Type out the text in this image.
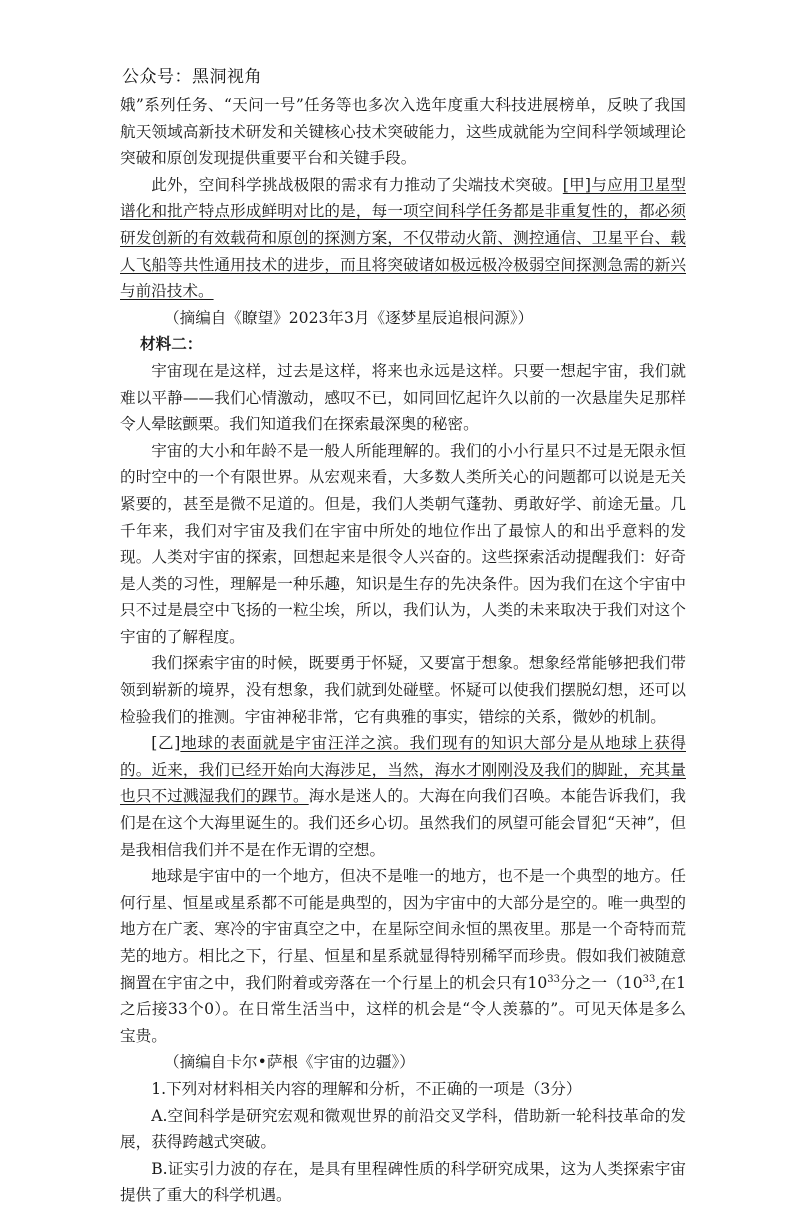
公众号：黑洞视角

娥”系列任务、“天问一号”任务等也多次入选年度重大科技进展榜单，反映了我国航天领域高新技术研发和关键核心技术突破能力，这些成就能为空间科学领域理论突破和原创发现提供重要平台和关键手段。

此外，空间科学挑战极限的需求有力推动了尖端技术突破。[甲]与应用卫星型谱化和批产特点形成鲜明对比的是，每一项空间科学任务都是非重复性的，都必须研发创新的有效载荷和原创的探测方案，不仅带动火箭、测控通信、卫星平台、载人飞船等共性通用技术的进步，而且将突破诸如极远极冷极弱空间探测急需的新兴与前沿技术。

（摘编自《瞭望》2023年3月《逐梦星辰追根问源》）

材料二：

宇宙现在是这样，过去是这样，将来也永远是这样。只要一想起宇宙，我们就难以平静——我们心情激动，感叹不已，如同回忆起许久以前的一次悬崖失足那样令人晕眩颤栗。我们知道我们在探索最深奥的秘密。

宇宙的大小和年龄不是一般人所能理解的。我们的小小行星只不过是无限永恒的时空中的一个有限世界。从宏观来看，大多数人类所关心的问题都可以说是无关紧要的，甚至是微不足道的。但是，我们人类朝气蓬勃、勇敢好学、前途无量。几千年来，我们对宇宙及我们在宇宙中所处的地位作出了最惊人的和出乎意料的发现。人类对宇宙的探索，回想起来是很令人兴奋的。这些探索活动提醒我们：好奇是人类的习性，理解是一种乐趣，知识是生存的先决条件。因为我们在这个宇宙中只不过是晨空中飞扬的一粒尘埃，所以，我们认为，人类的未来取决于我们对这个宇宙的了解程度。

我们探索宇宙的时候，既要勇于怀疑，又要富于想象。想象经常能够把我们带领到崭新的境界，没有想象，我们就到处碰壁。怀疑可以使我们摆脱幻想，还可以检验我们的推测。宇宙神秘非常，它有典雅的事实，错综的关系，微妙的机制。

[乙]地球的表面就是宇宙汪洋之滨。我们现有的知识大部分是从地球上获得的。近来，我们已经开始向大海涉足，当然，海水才刚刚没及我们的脚趾，充其量也只不过溅湿我们的踝节。海水是迷人的。大海在向我们召唤。本能告诉我们，我们是在这个大海里诞生的。我们还乡心切。虽然我们的夙望可能会冒犯“天神”，但是我相信我们并不是在作无谓的空想。

地球是宇宙中的一个地方，但决不是唯一的地方，也不是一个典型的地方。任何行星、恒星或星系都不可能是典型的，因为宇宙中的大部分是空的。唯一典型的地方在广袤、寒冷的宇宙真空之中，在星际空间永恒的黑夜里。那是一个奇特而荒芜的地方。相比之下，行星、恒星和星系就显得特别稀罕而珍贵。假如我们被随意搁置在宇宙之中，我们附着或旁落在一个行星上的机会只有$10^{33}$分之一（$10^{33}$,在1之后接33个0）。在日常生活当中，这样的机会是“令人羡慕的”。可见天体是多么宝贵。

（摘编自卡尔•萨根《宇宙的边疆》）

1.下列对材料相关内容的理解和分析，不正确的一项是（3分）

A.空间科学是研究宏观和微观世界的前沿交叉学科，借助新一轮科技革命的发展，获得跨越式突破。

B.证实引力波的存在，是具有里程碑性质的科学研究成果，这为人类探索宇宙提供了重大的科学机遇。
